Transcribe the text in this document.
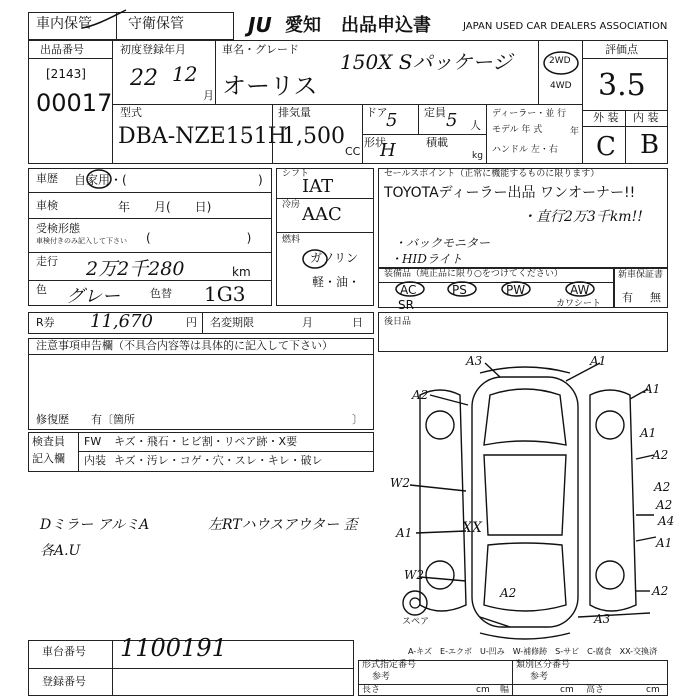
車内保管	守衛保管	JU 愛知 出品申込書	JAPAN USED CAR DEALERS ASSOCIATION
出品番号
[2143]
00017
初度登録年月
22 12
月
車名・グレード
150X Sパッケージ
オーリス
2WD
4WD
評価点
3.5
外 装 内 装
C B
型式
DBA-NZE151H
排気量
1,500
CC
ドア
5 定員 5 人
形状
H	積載
kg
ディーラー・並 行
モデル 年 式	年
ハンドル 左・右
車歴 自家用・(	)
車検	年　　月(　　日)
受検形態
車検付きのみ記入して下さい (　　　　　　　　)
走行 2万2千280	km
色 グレー	色替 1G3
シフト
IAT
冷房 AAC
燃料
ガソリン
軽・油・
セールスポイント（正常に機能するものに限ります）
TOYOTAディーラー出品 ワンオーナー!!
・直行2万3千km!!
・バックモニター
・HIDライト
装備品（純正品に限り○をつけてください）
AC	PS	PW
SR
AW
カワシート
新車保証書
有 無
R券 11,670	円 名変期限	月	日 後日品
注意事項申告欄（不具合内容等は具体的に記入して下さい）
修復歴　　有〔箇所	〕
検査員
記入欄
FW キズ・飛石・ヒビ割・リペア跡・X要
内装 キズ・汚レ・コゲ・穴・スレ・キレ・破レ
Dミラー アルミA	左RTハウスアウター 歪
各A.U
A3	A1
A2	A1
A2
A1
W2	A2
A2
XX	A4
A1
W2
A1
A2
A2
A3
スペア
A-キズ　E-エクボ　U-凹み　W-補修跡　S-サビ　C-腐食　XX-交換済
車台番号 1100191
登録番号
形式指定番号	類別区分番号
参考	参考
長さ	cm 幅	cm 高さ	cm
